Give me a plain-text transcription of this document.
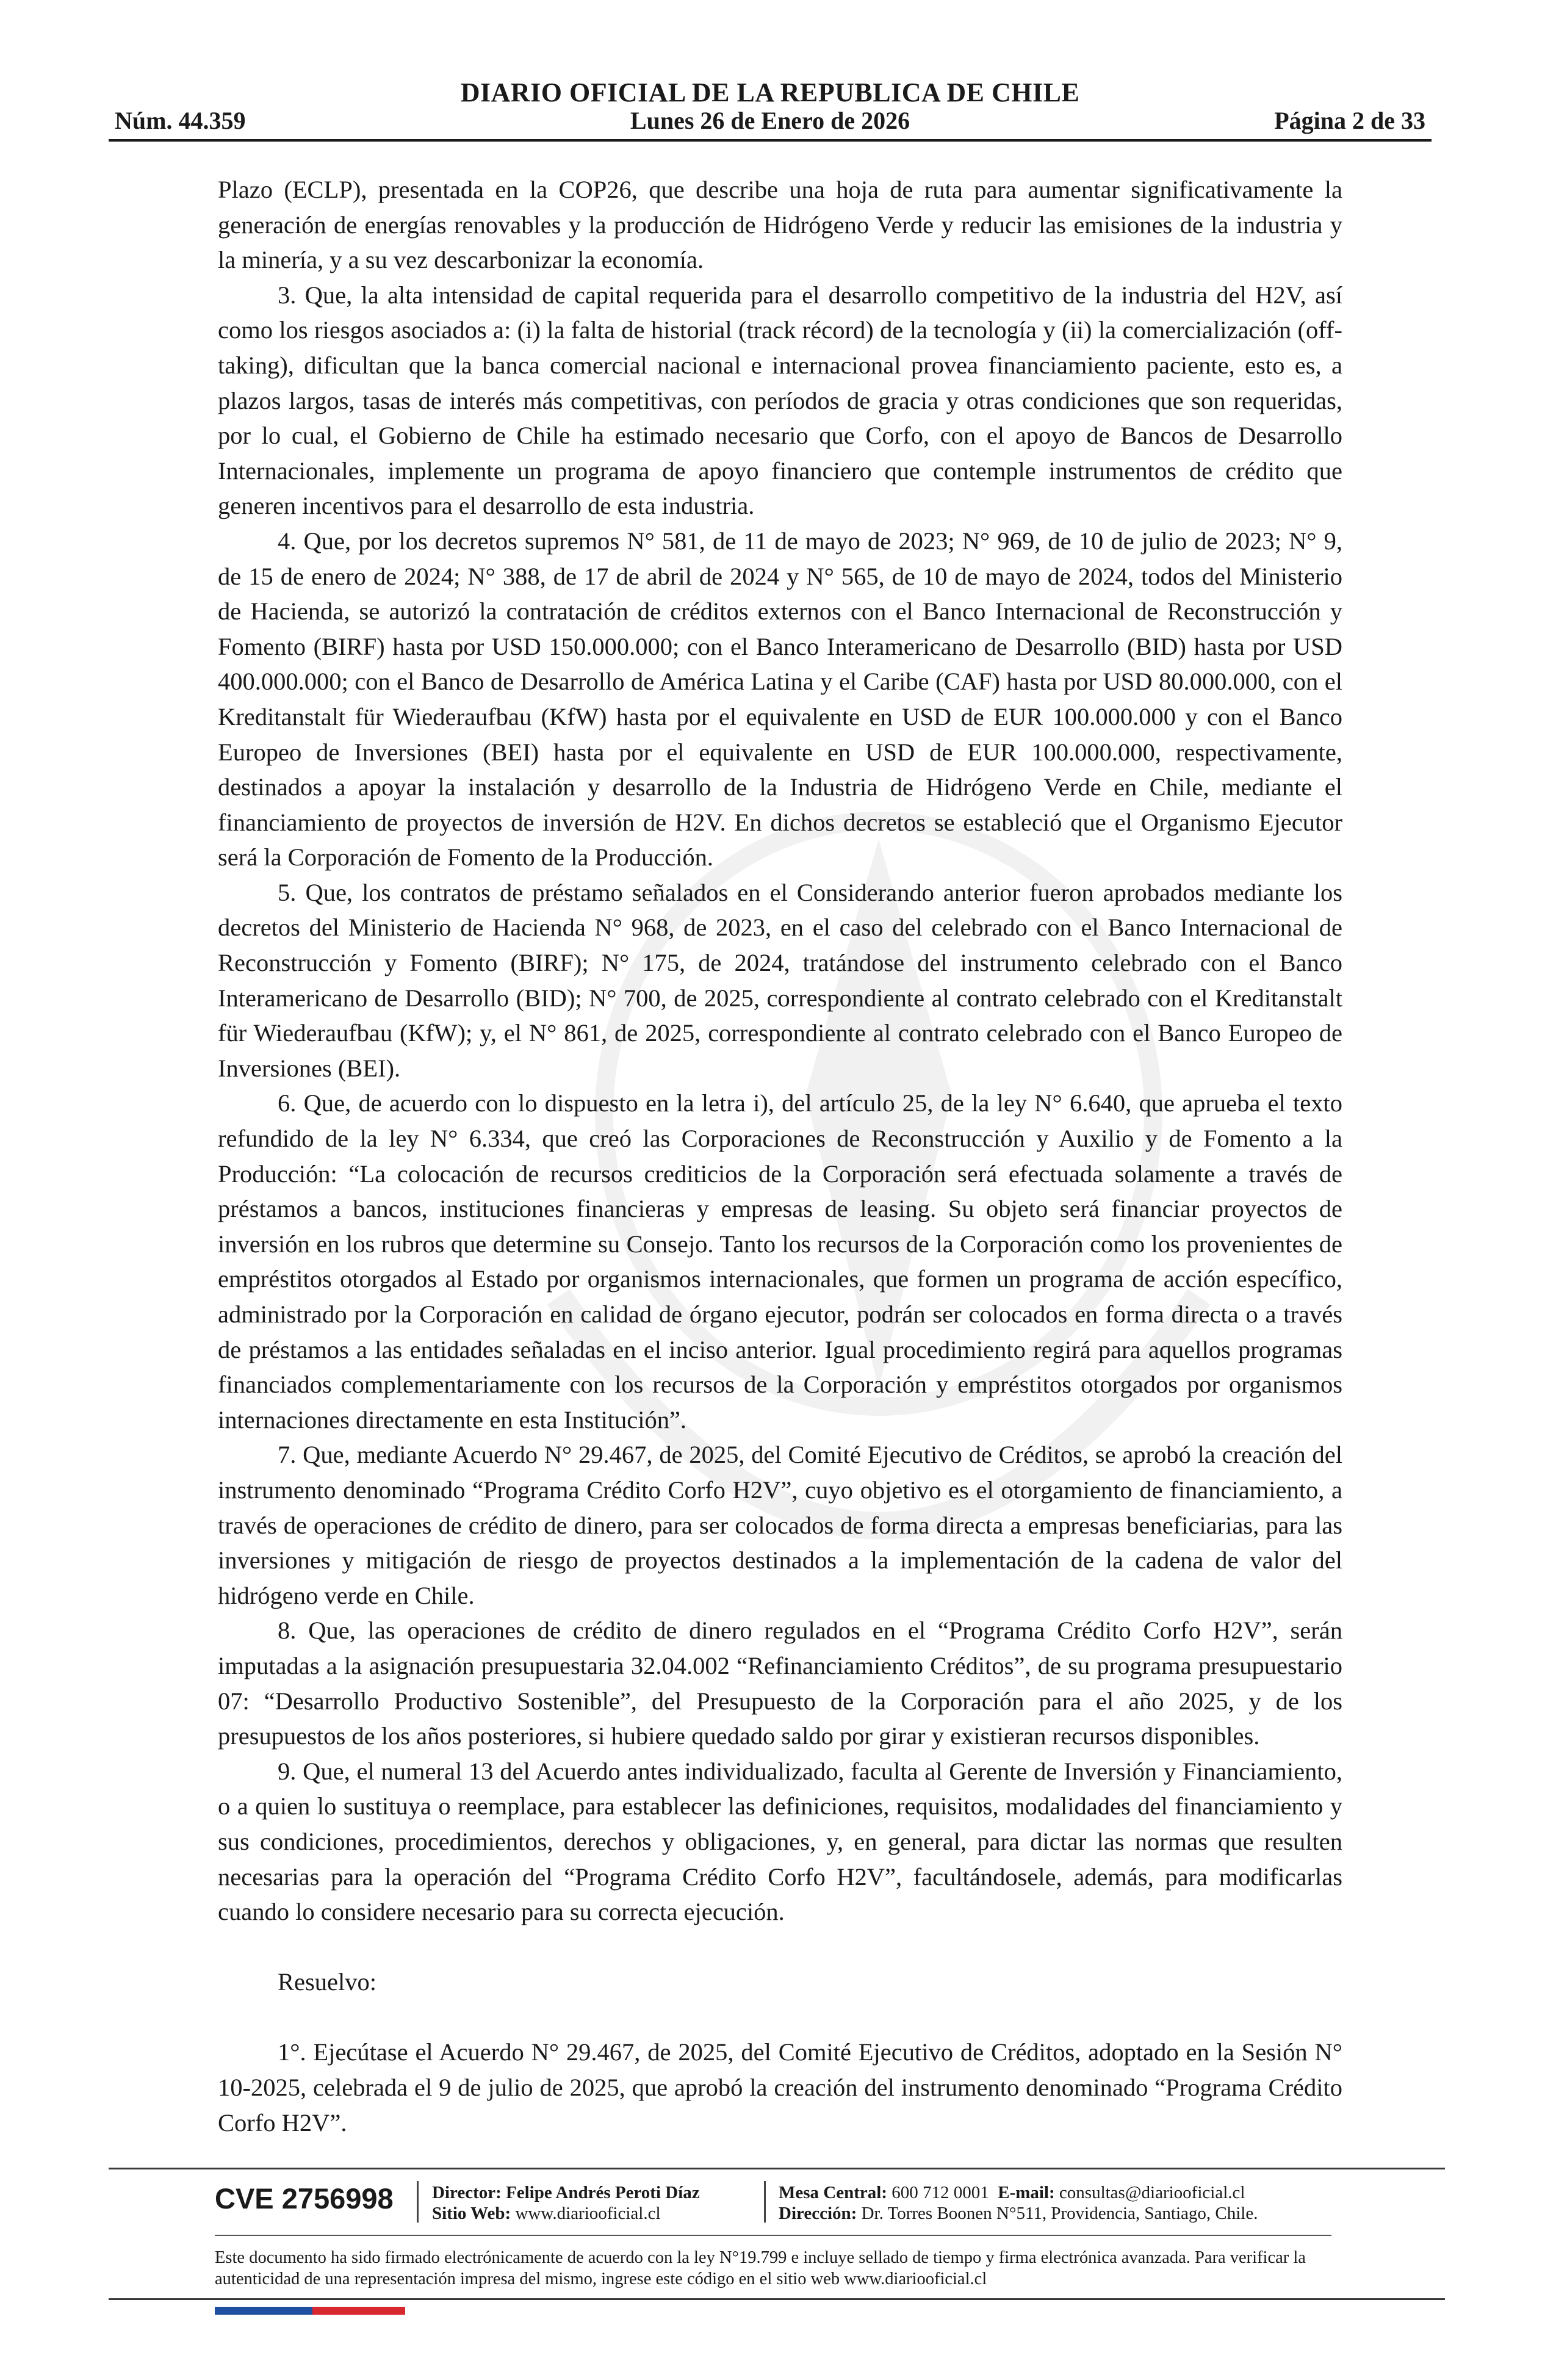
DIARIO OFICIAL DE LA REPUBLICA DE CHILE
Núm. 44.359	Lunes 26 de Enero de 2026	Página 2 de 33

Plazo (ECLP), presentada en la COP26, que describe una hoja de ruta para aumentar significativamente la generación de energías renovables y la producción de Hidrógeno Verde y reducir las emisiones de la industria y la minería, y a su vez descarbonizar la economía.

3. Que, la alta intensidad de capital requerida para el desarrollo competitivo de la industria del H2V, así como los riesgos asociados a: (i) la falta de historial (track récord) de la tecnología y (ii) la comercialización (off-taking), dificultan que la banca comercial nacional e internacional provea financiamiento paciente, esto es, a plazos largos, tasas de interés más competitivas, con períodos de gracia y otras condiciones que son requeridas, por lo cual, el Gobierno de Chile ha estimado necesario que Corfo, con el apoyo de Bancos de Desarrollo Internacionales, implemente un programa de apoyo financiero que contemple instrumentos de crédito que generen incentivos para el desarrollo de esta industria.

4. Que, por los decretos supremos N° 581, de 11 de mayo de 2023; N° 969, de 10 de julio de 2023; N° 9, de 15 de enero de 2024; N° 388, de 17 de abril de 2024 y N° 565, de 10 de mayo de 2024, todos del Ministerio de Hacienda, se autorizó la contratación de créditos externos con el Banco Internacional de Reconstrucción y Fomento (BIRF) hasta por USD 150.000.000; con el Banco Interamericano de Desarrollo (BID) hasta por USD 400.000.000; con el Banco de Desarrollo de América Latina y el Caribe (CAF) hasta por USD 80.000.000, con el Kreditanstalt für Wiederaufbau (KfW) hasta por el equivalente en USD de EUR 100.000.000 y con el Banco Europeo de Inversiones (BEI) hasta por el equivalente en USD de EUR 100.000.000, respectivamente, destinados a apoyar la instalación y desarrollo de la Industria de Hidrógeno Verde en Chile, mediante el financiamiento de proyectos de inversión de H2V. En dichos decretos se estableció que el Organismo Ejecutor será la Corporación de Fomento de la Producción.

5. Que, los contratos de préstamo señalados en el Considerando anterior fueron aprobados mediante los decretos del Ministerio de Hacienda N° 968, de 2023, en el caso del celebrado con el Banco Internacional de Reconstrucción y Fomento (BIRF); N° 175, de 2024, tratándose del instrumento celebrado con el Banco Interamericano de Desarrollo (BID); N° 700, de 2025, correspondiente al contrato celebrado con el Kreditanstalt für Wiederaufbau (KfW); y, el N° 861, de 2025, correspondiente al contrato celebrado con el Banco Europeo de Inversiones (BEI).

6. Que, de acuerdo con lo dispuesto en la letra i), del artículo 25, de la ley N° 6.640, que aprueba el texto refundido de la ley N° 6.334, que creó las Corporaciones de Reconstrucción y Auxilio y de Fomento a la Producción: “La colocación de recursos crediticios de la Corporación será efectuada solamente a través de préstamos a bancos, instituciones financieras y empresas de leasing. Su objeto será financiar proyectos de inversión en los rubros que determine su Consejo. Tanto los recursos de la Corporación como los provenientes de empréstitos otorgados al Estado por organismos internacionales, que formen un programa de acción específico, administrado por la Corporación en calidad de órgano ejecutor, podrán ser colocados en forma directa o a través de préstamos a las entidades señaladas en el inciso anterior. Igual procedimiento regirá para aquellos programas financiados complementariamente con los recursos de la Corporación y empréstitos otorgados por organismos internaciones directamente en esta Institución”.

7. Que, mediante Acuerdo N° 29.467, de 2025, del Comité Ejecutivo de Créditos, se aprobó la creación del instrumento denominado “Programa Crédito Corfo H2V”, cuyo objetivo es el otorgamiento de financiamiento, a través de operaciones de crédito de dinero, para ser colocados de forma directa a empresas beneficiarias, para las inversiones y mitigación de riesgo de proyectos destinados a la implementación de la cadena de valor del hidrógeno verde en Chile.

8. Que, las operaciones de crédito de dinero regulados en el “Programa Crédito Corfo H2V”, serán imputadas a la asignación presupuestaria 32.04.002 “Refinanciamiento Créditos”, de su programa presupuestario 07: “Desarrollo Productivo Sostenible”, del Presupuesto de la Corporación para el año 2025, y de los presupuestos de los años posteriores, si hubiere quedado saldo por girar y existieran recursos disponibles.

9. Que, el numeral 13 del Acuerdo antes individualizado, faculta al Gerente de Inversión y Financiamiento, o a quien lo sustituya o reemplace, para establecer las definiciones, requisitos, modalidades del financiamiento y sus condiciones, procedimientos, derechos y obligaciones, y, en general, para dictar las normas que resulten necesarias para la operación del “Programa Crédito Corfo H2V”, facultándosele, además, para modificarlas cuando lo considere necesario para su correcta ejecución.

Resuelvo:

1°. Ejecútase el Acuerdo N° 29.467, de 2025, del Comité Ejecutivo de Créditos, adoptado en la Sesión N° 10-2025, celebrada el 9 de julio de 2025, que aprobó la creación del instrumento denominado “Programa Crédito Corfo H2V”.

CVE 2756998 Director: Felipe Andrés Peroti Díaz
Sitio Web: www.diariooficial.cl
Mesa Central: 600 712 0001 E-mail: consultas@diariooficial.cl
Dirección: Dr. Torres Boonen N°511, Providencia, Santiago, Chile.
Este documento ha sido firmado electrónicamente de acuerdo con la ley N°19.799 e incluye sellado de tiempo y firma electrónica avanzada. Para verificar la autenticidad de una representación impresa del mismo, ingrese este código en el sitio web www.diariooficial.cl
